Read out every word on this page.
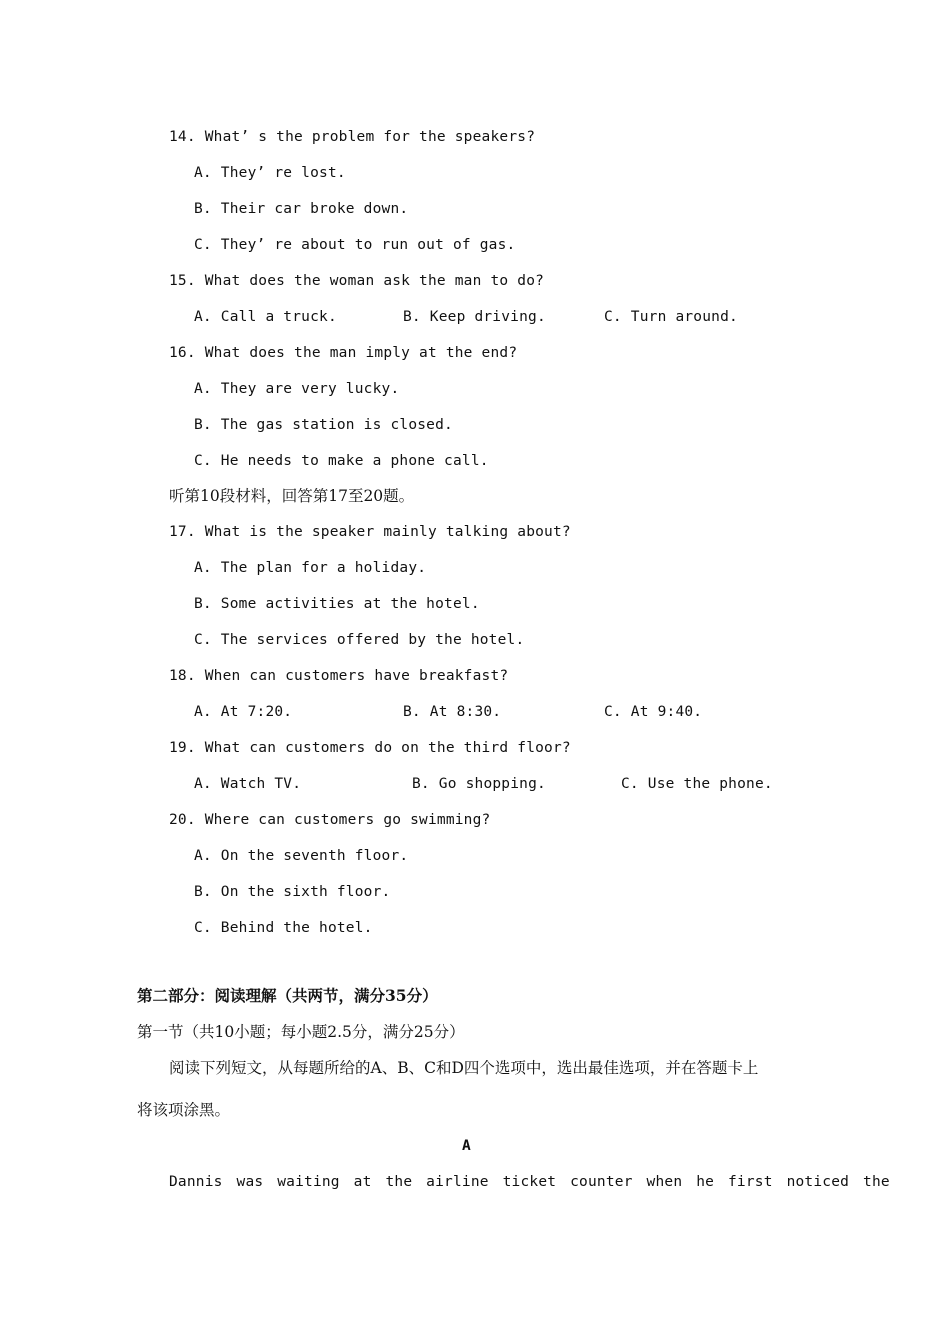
14. What’ s the problem for the speakers?
A. They’ re lost.
B. Their car broke down.
C. They’ re about to run out of gas.
15. What does the woman ask the man to do?
A. Call a truck.	B. Keep driving.	C. Turn around.
16. What does the man imply at the end?
A. They are very lucky.
B. The gas station is closed.
C. He needs to make a phone call.
听第10段材料，回答第17至20题。
17. What is the speaker mainly talking about?
A. The plan for a holiday.
B. Some activities at the hotel.
C. The services offered by the hotel.
18. When can customers have breakfast?
A. At 7:20.	B. At 8:30.	C. At 9:40.
19. What can customers do on the third floor?
A. Watch TV.	B. Go shopping.	C. Use the phone.
20. Where can customers go swimming?
A. On the seventh floor.
B. On the sixth floor.
C. Behind the hotel.
第二部分：阅读理解（共两节，满分35分）
第一节（共10小题；每小题2.5分，满分25分）
阅读下列短文，从每题所给的A、B、C和D四个选项中，选出最佳选项，并在答题卡上
将该项涂黑。
A
Dannis was waiting at the airline ticket counter when he first noticed the
